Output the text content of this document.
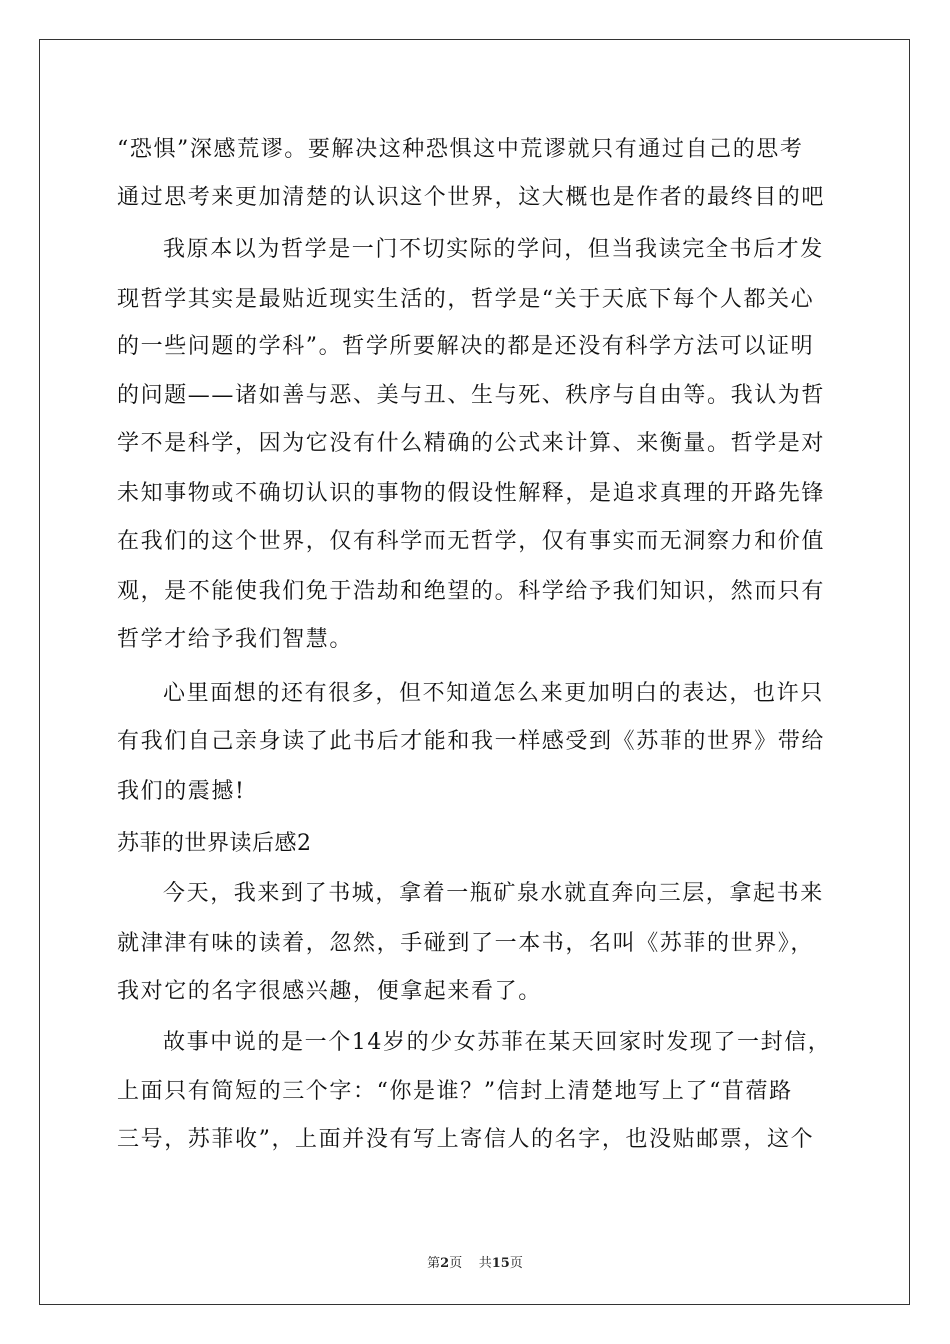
“恐惧”深感荒谬。要解决这种恐惧这中荒谬就只有通过自己的思考
通过思考来更加清楚的认识这个世界，这大概也是作者的最终目的吧
我原本以为哲学是一门不切实际的学问，但当我读完全书后才发
现哲学其实是最贴近现实生活的，哲学是“关于天底下每个人都关心
的一些问题的学科”。哲学所要解决的都是还没有科学方法可以证明
的问题——诸如善与恶、美与丑、生与死、秩序与自由等。我认为哲
学不是科学，因为它没有什么精确的公式来计算、来衡量。哲学是对
未知事物或不确切认识的事物的假设性解释，是追求真理的开路先锋
在我们的这个世界，仅有科学而无哲学，仅有事实而无洞察力和价值
观，是不能使我们免于浩劫和绝望的。科学给予我们知识，然而只有
哲学才给予我们智慧。
心里面想的还有很多，但不知道怎么来更加明白的表达，也许只
有我们自己亲身读了此书后才能和我一样感受到《苏菲的世界》带给
我们的震撼!
苏菲的世界读后感2
今天，我来到了书城，拿着一瓶矿泉水就直奔向三层，拿起书来
就津津有味的读着，忽然，手碰到了一本书，名叫《苏菲的世界》，
我对它的名字很感兴趣，便拿起来看了。
故事中说的是一个14岁的少女苏菲在某天回家时发现了一封信，
上面只有简短的三个字：“你是谁？”信封上清楚地写上了“苜蓿路
三号，苏菲收”，上面并没有写上寄信人的名字，也没贴邮票，这个
第2页 共15页
